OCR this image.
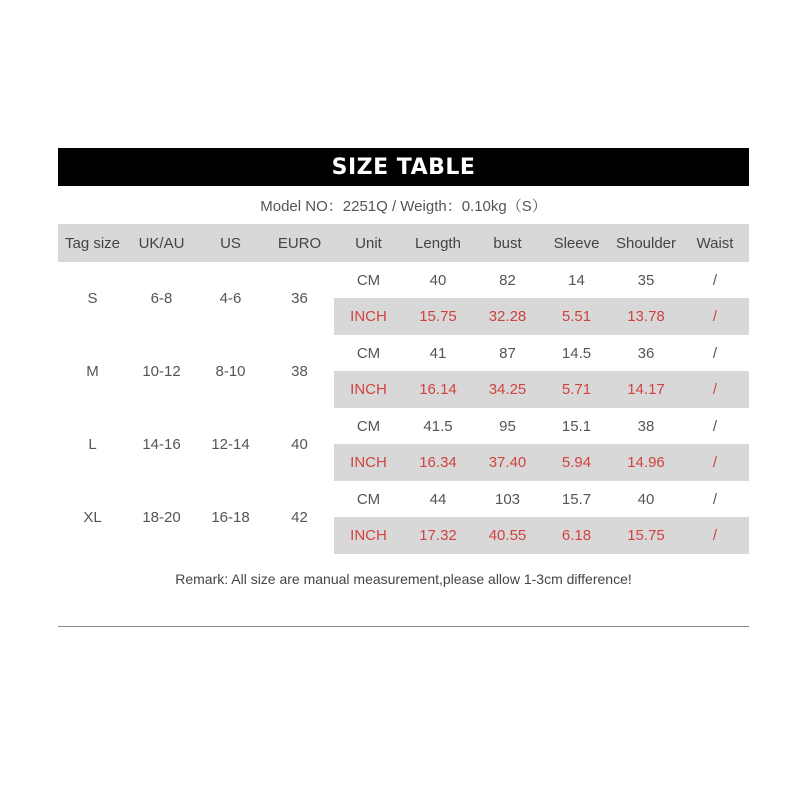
SIZE TABLE
Model NO：2251Q / Weigth：0.10kg（S）
Tag size	UK/AU	US	EURO	Unit	Length	bust	Sleeve	Shoulder	Waist
S	6-8	4-6	36	CM	40	82	14	35	/
				INCH	15.75	32.28	5.51	13.78	/
M	10-12	8-10	38	CM	41	87	14.5	36	/
				INCH	16.14	34.25	5.71	14.17	/
L	14-16	12-14	40	CM	41.5	95	15.1	38	/
				INCH	16.34	37.40	5.94	14.96	/
XL	18-20	16-18	42	CM	44	103	15.7	40	/
				INCH	17.32	40.55	6.18	15.75	/
Remark: All size are manual measurement,please allow 1-3cm difference!
